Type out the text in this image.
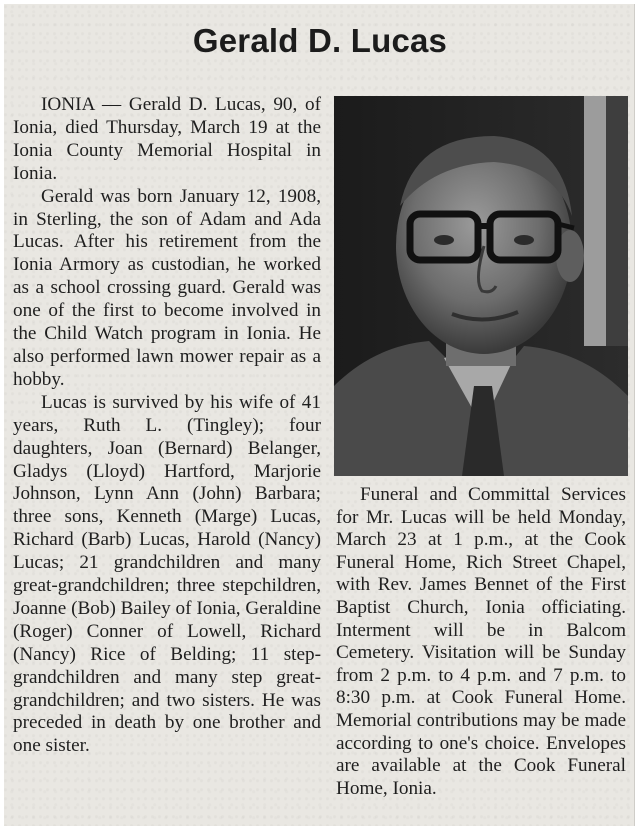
Gerald D. Lucas

IONIA — Gerald D. Lucas, 90, of Ionia, died Thursday, March 19 at the Ionia County Memorial Hospital in Ionia.

Gerald was born January 12, 1908, in Sterling, the son of Adam and Ada Lucas. After his retirement from the Ionia Armory as custodian, he worked as a school crossing guard. Gerald was one of the first to become involved in the Child Watch program in Ionia. He also performed lawn mower repair as a hobby.

Lucas is survived by his wife of 41 years, Ruth L. (Tingley); four daughters, Joan (Bernard) Belanger, Gladys (Lloyd) Hartford, Marjorie Johnson, Lynn Ann (John) Barbara; three sons, Kenneth (Marge) Lucas, Richard (Barb) Lucas, Harold (Nancy) Lucas; 21 grandchildren and many great-grandchildren; three stepchildren, Joanne (Bob) Bailey of Ionia, Geraldine (Roger) Conner of Lowell, Richard (Nancy) Rice of Belding; 11 step-grandchildren and many step great-grandchildren; and two sisters. He was preceded in death by one brother and one sister.

Funeral and Committal Services for Mr. Lucas will be held Monday, March 23 at 1 p.m., at the Cook Funeral Home, Rich Street Chapel, with Rev. James Bennet of the First Baptist Church, Ionia officiating. Interment will be in Balcom Cemetery. Visitation will be Sunday from 2 p.m. to 4 p.m. and 7 p.m. to 8:30 p.m. at Cook Funeral Home. Memorial contributions may be made according to one's choice. Envelopes are available at the Cook Funeral Home, Ionia.
